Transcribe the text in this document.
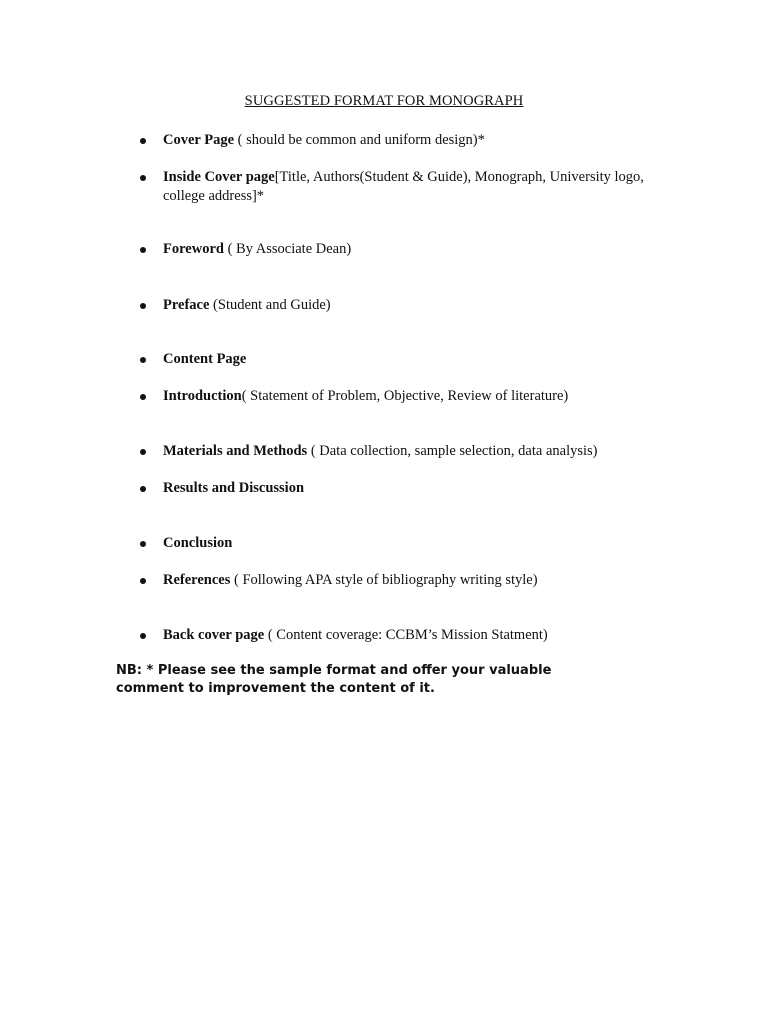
SUGGESTED FORMAT FOR MONOGRAPH
Cover Page ( should be common and uniform design)*
Inside Cover page[Title, Authors(Student & Guide), Monograph, University logo, college address]*
Foreword ( By Associate Dean)
Preface (Student and Guide)
Content Page
Introduction( Statement of Problem, Objective, Review of literature)
Materials and Methods ( Data collection, sample selection, data analysis)
Results and Discussion
Conclusion
References ( Following APA style of bibliography writing style)
Back cover page ( Content coverage: CCBM’s Mission Statment)
NB: * Please see the sample format and offer your valuable comment to improvement the content of it.
